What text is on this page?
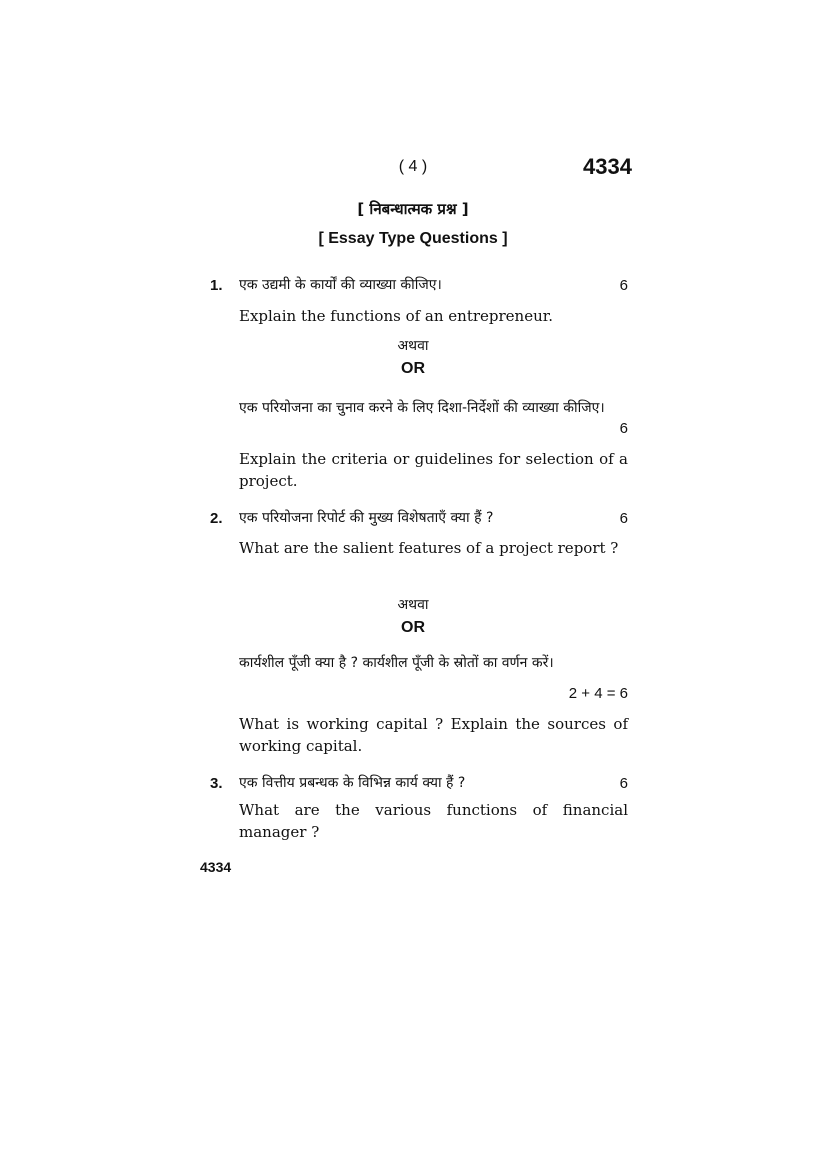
( 4 )	4334
[ निबन्धात्मक प्रश्न ]
[ Essay Type Questions ]
1. एक उद्यमी के कार्यों की व्याख्या कीजिए।	6
Explain the functions of an entrepreneur.
अथवा
OR
एक परियोजना का चुनाव करने के लिए दिशा-निर्देशों की व्याख्या कीजिए।
6
Explain the criteria or guidelines for selection of a project.
2. एक परियोजना रिपोर्ट की मुख्य विशेषताएँ क्या हैं ?	6
What are the salient features of a project report ?
अथवा
OR
कार्यशील पूँजी क्या है ? कार्यशील पूँजी के स्रोतों का वर्णन करें।
2 + 4 = 6
What is working capital ? Explain the sources of working capital.
3. एक वित्तीय प्रबन्धक के विभिन्न कार्य क्या हैं ?	6
What are the various functions of financial manager ?
4334
